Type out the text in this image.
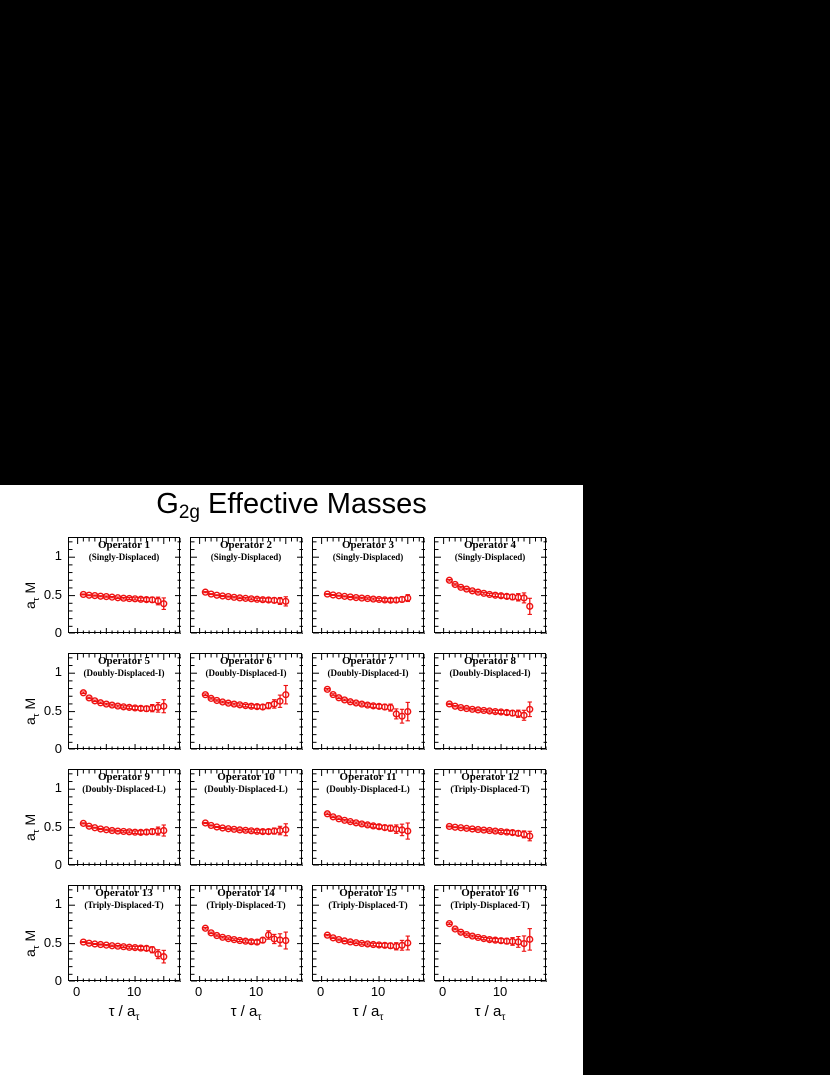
$G_{2g}$ Effective Masses
Operator 1
(Singly-Displaced)
0
0.5
1
$a_\tau$ M
Operator 2
(Singly-Displaced)
Operator 3
(Singly-Displaced)
Operator 4
(Singly-Displaced)
Operator 5
(Doubly-Displaced-I)
0
0.5
1
$a_\tau$ M
Operator 6
(Doubly-Displaced-I)
Operator 7
(Doubly-Displaced-I)
Operator 8
(Doubly-Displaced-I)
Operator 9
(Doubly-Displaced-L)
0
0.5
1
$a_\tau$ M
Operator 10
(Doubly-Displaced-L)
Operator 11
(Doubly-Displaced-L)
Operator 12
(Triply-Displaced-T)
Operator 13
(Triply-Displaced-T)
0
0.5
1
$a_\tau$ M
0	10
τ / $a_\tau$
Operator 14
(Triply-Displaced-T)
0	10
τ / $a_\tau$
Operator 15
(Triply-Displaced-T)
0	10
τ / $a_\tau$
Operator 16
(Triply-Displaced-T)
0	10
τ / $a_\tau$
